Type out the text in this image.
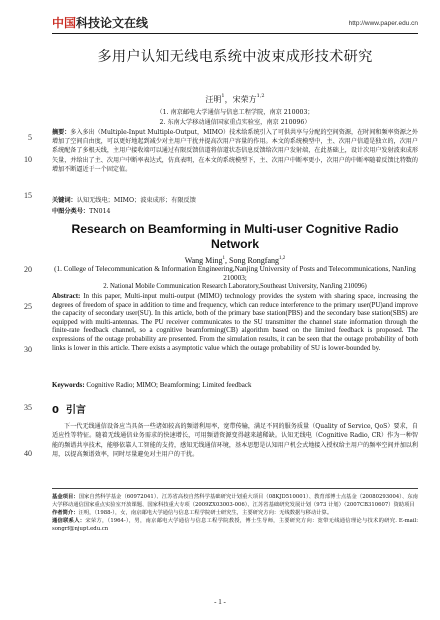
中国科技论文在线	http://www.paper.edu.cn
5
10
15
20
25
30
35
40
多用户认知无线电系统中波束成形技术研究
汪明$^1$，宋荣方$^{1,2}$
（1. 南京邮电大学通信与信息工程学院，南京 210003；
2. 东南大学移动通信国家重点实验室，南京 210096）
摘要：多入多出（Multiple-Input Multiple-Output，MIMO）技术给系统引入了可供共享与分配的空间资源，在时间和频率资源之外增加了空间自由度，可以更好地起到减少对主用户干扰并提高次用户容量的作用。本文的系统模型中，主、次用户信道是独立的，次用户系统配备了多根天线，主用户接收端可以通过有限反馈信道将信道状态信息反馈给次用户发射端，在此基础上，设计次用户发射波束成形矢量，并给出了主、次用户中断率表达式，仿真表明，在本文的系统模型下，主、次用户中断率更小，次用户的中断率随着反馈比特数的增加不断逼近于一个固定值。
关键词：认知无线电；MIMO；波束成形；有限反馈
中图分类号：TN014
Research on Beamforming in Multi-user Cognitive Radio Network
Wang Ming$^1$, Song Rongfang$^{1,2}$
(1. College of Telecommunication & Information Engineering,Nanjing University of Posts and Telecommunications, NanJing 210003;
2. National Mobile Communication Research Laboratory,Southeast University, NanJing 210096)
Abstract: In this paper, Multi-input multi-output (MIMO) technology provides the system with sharing space, increasing the degrees of freedom of space in addition to time and frequency, which can reduce interference to the primary user(PU)and improve the capacity of secondary user(SU). In this article, both of the primary base station(PBS) and the secondary base station(SBS) are equipped with multi-antennas. The PU receiver communicates to the SU transmitter the channel state information through the finite-rate feedback channel, so a cognitive beamforming(CB) algorithm based on the limited feedback is proposed. The expressions of the outage probability are presented. From the simulation results, it can be seen that the outage probability of both links is lower in this article. There exists a asymptotic value which the outage probability of SU is lower-bounded by.
Keywords: Cognitive Radio; MIMO; Beamforming; Limited feedback
0 引言
下一代无线通信设备应当具备一些诸如较高的频谱利用率，宽带传输，满足不同的服务质量（Quality of Service, QoS）要求，自适应性等特征。随着无线通信业务需求的快速增长，可用频谱资源变得越来越稀缺。认知无线电（Cognitive Radio, CR）作为一种智能的频谱共享技术，能够依靠人工智能的支持，感知无线通信环境，基本思想是认知用户机会式地接入授权给主用户的频率空间并加以利用，以提高频谱效率，同时尽量避免对主用户的干扰。
基金项目：国家自然科学基金（60972041）、江苏省高校自然科学基础研究计划重大项目（08KJD510001）、教育部博士点基金（20080293004）、东南大学移动通信国家重点实验室开放课题、国家科技重大专项（2009ZX03003-006）、江苏省基础研究发展计划（973 计划）（2007CB310607）资助项目
作者简介：汪明，（1988-），女，南京邮电大学通信与信息工程学院研士研究生，主要研究方向：无线数据与移动计算。
通信联系人：宋荣方，（1964-），男，南京邮电大学通信与信息工程学院教授，博士生导师，主要研究方向：宽带无线通信理论与技术的研究. E-mail: songrf@njupt.edu.cn
- 1 -
